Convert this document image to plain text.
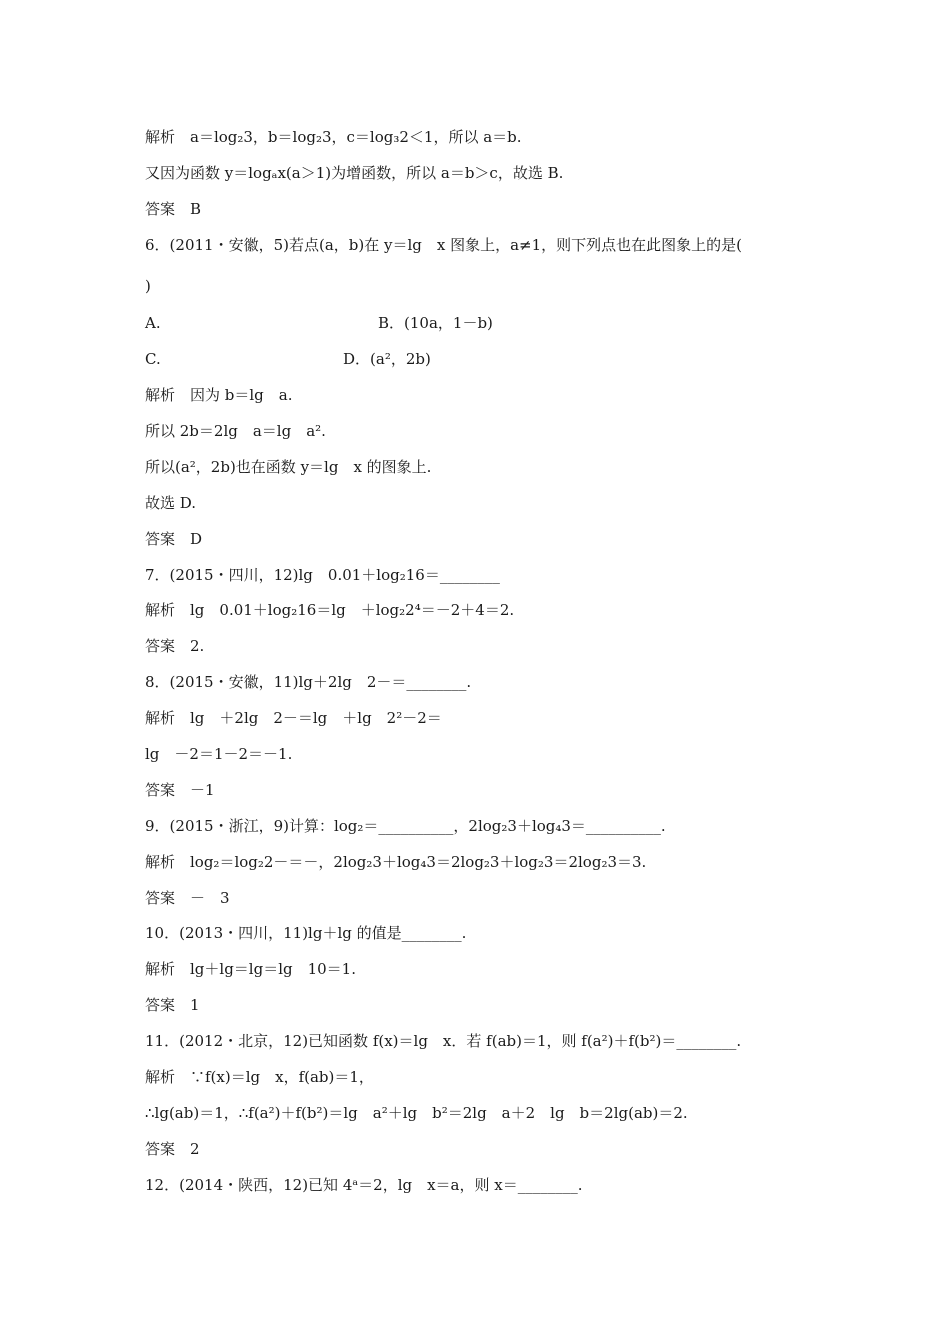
解析　a＝log₂3，b＝log₂3，c＝log₃2＜1，所以 a＝b.
又因为函数 y＝logₐx(a＞1)为增函数，所以 a＝b＞c，故选 B.
答案　B
6．(2011・安徽，5)若点(a，b)在 y＝lg　x 图象上，a≠1，则下列点也在此图象上的是(
)
A.	B．(10a，1－b)
C.	D．(a²，2b)
解析　因为 b＝lg　a.
所以 2b＝2lg　a＝lg　a².
所以(a²，2b)也在函数 y＝lg　x 的图象上.
故选 D.
答案　D
7．(2015・四川，12)lg　0.01＋log₂16＝________
解析　lg　0.01＋log₂16＝lg　＋log₂2⁴＝－2＋4＝2.
答案　2.
8．(2015・安徽，11)lg＋2lg　2－＝________.
解析　lg　＋2lg　2－＝lg　＋lg　2²－2＝
lg　－2＝1－2＝－1.
答案　－1
9．(2015・浙江，9)计算：log₂＝__________，2log₂3＋log₄3＝__________.
解析　log₂＝log₂2－＝－，2log₂3＋log₄3＝2log₂3＋log₂3＝2log₂3＝3.
答案　－　3
10．(2013・四川，11)lg＋lg 的值是________.
解析　lg＋lg＝lg＝lg　10＝1.
答案　1
11．(2012・北京，12)已知函数 f(x)＝lg　x．若 f(ab)＝1，则 f(a²)＋f(b²)＝________.
解析　∵f(x)＝lg　x，f(ab)＝1，
∴lg(ab)＝1，∴f(a²)＋f(b²)＝lg　a²＋lg　b²＝2lg　a＋2　lg　b＝2lg(ab)＝2.
答案　2
12．(2014・陕西，12)已知 4ᵃ＝2，lg　x＝a，则 x＝________.
